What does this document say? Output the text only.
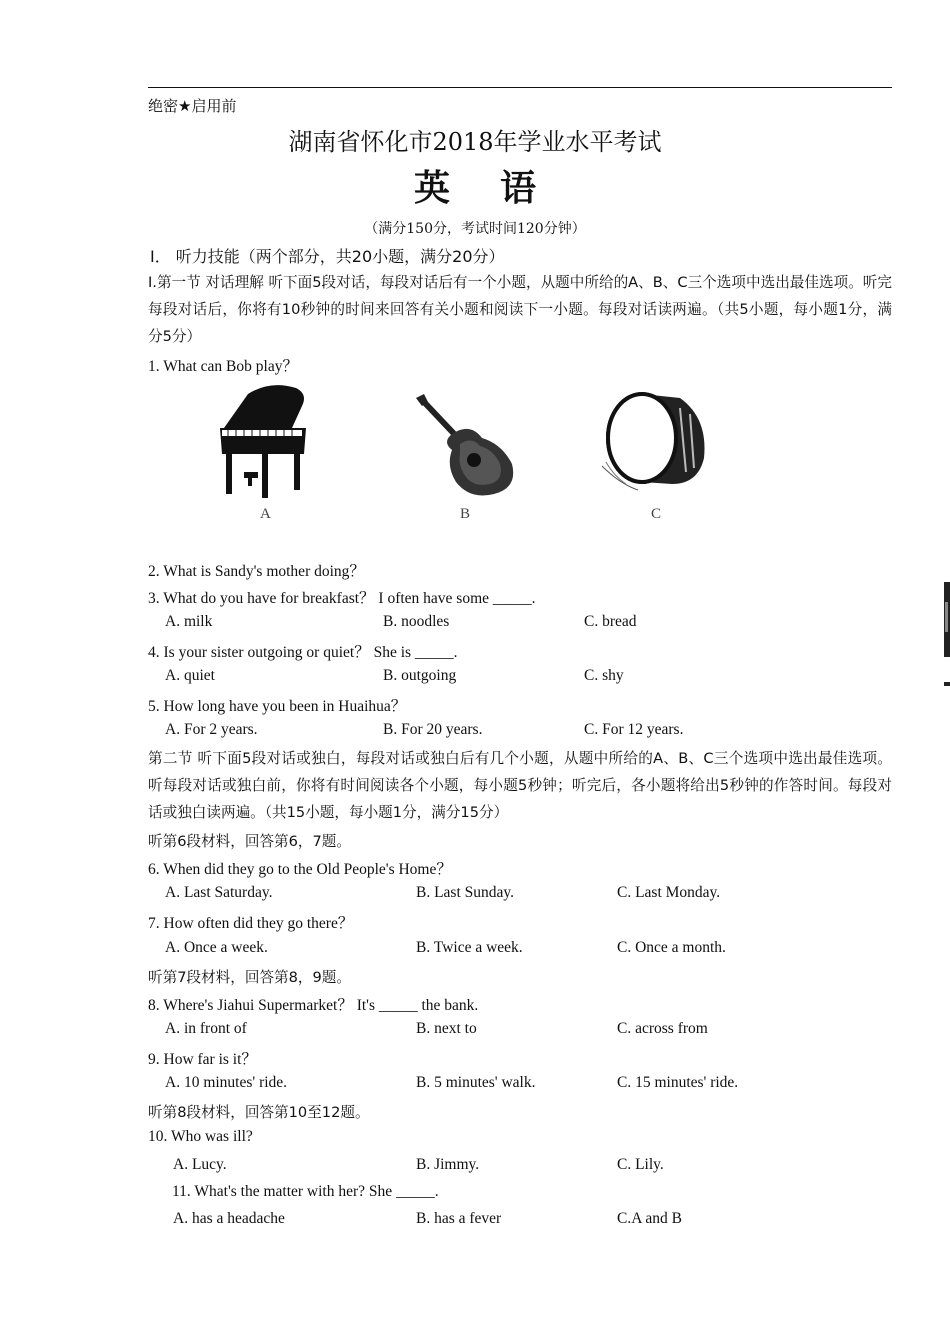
绝密★启用前
湖南省怀化市2018年学业水平考试
英 语
（满分150分，考试时间120分钟）
Ⅰ． 听力技能（两个部分，共20小题，满分20分）
Ⅰ.第一节 对话理解 听下面5段对话，每段对话后有一个小题，从题中所给的A、B、C三个选项中选出最佳选项。听完每段对话后，你将有10秒钟的时间来回答有关小题和阅读下一小题。每段对话读两遍。（共5小题，每小题1分，满分5分）
1. What can Bob play？
A	B	C
2. What is Sandy's mother doing？
3. What do you have for breakfast？ I often have some _____.
A. milk	B. noodles	C. bread
4. Is your sister outgoing or quiet？ She is _____.
A. quiet	B. outgoing	C. shy
5. How long have you been in Huaihua？
A. For 2 years.	B. For 20 years.	C. For 12 years.
第二节 听下面5段对话或独白，每段对话或独白后有几个小题，从题中所给的A、B、C三个选项中选出最佳选项。听每段对话或独白前，你将有时间阅读各个小题，每小题5秒钟；听完后，各小题将给出5秒钟的作答时间。每段对话或独白读两遍。（共15小题，每小题1分，满分15分）
听第6段材料，回答第6，7题。
6. When did they go to the Old People's Home？
A. Last Saturday.	B. Last Sunday.	C. Last Monday.
7. How often did they go there？
A. Once a week.	B. Twice a week.	C. Once a month.
听第7段材料，回答第8，9题。
8. Where's Jiahui Supermarket？ It's _____ the bank.
A. in front of	B. next to	C. across from
9. How far is it？
A. 10 minutes' ride.	B. 5 minutes' walk.	C. 15 minutes' ride.
听第8段材料，回答第10至12题。
10. Who was ill?
A. Lucy.	B. Jimmy.	C. Lily.
11. What's the matter with her? She _____.
A. has a headache	B. has a fever	C.A and B
